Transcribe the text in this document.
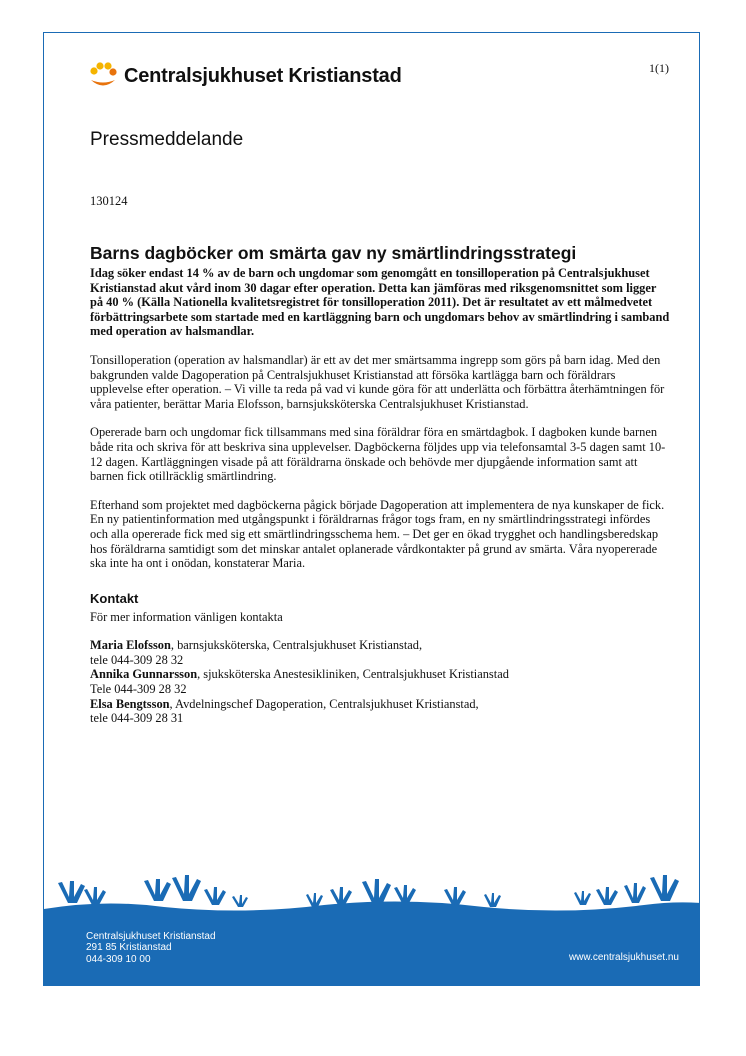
Centralsjukhuset Kristianstad	1(1)
Pressmeddelande
130124
Barns dagböcker om smärta gav ny smärtlindringsstrategi

Idag söker endast 14 % av de barn och ungdomar som genomgått en tonsilloperation på Centralsjukhuset Kristianstad akut vård inom 30 dagar efter operation. Detta kan jämföras med riksgenomsnittet som ligger på 40 % (Källa Nationella kvalitetsregistret för tonsilloperation 2011). Det är resultatet av ett målmedvetet förbättringsarbete som startade med en kartläggning barn och ungdomars behov av smärtlindring i samband med operation av halsmandlar.

Tonsilloperation (operation av halsmandlar) är ett av det mer smärtsamma ingrepp som görs på barn idag. Med den bakgrunden valde Dagoperation på Centralsjukhuset Kristianstad att försöka kartlägga barn och föräldrars upplevelse efter operation. – Vi ville ta reda på vad vi kunde göra för att underlätta och förbättra återhämtningen för våra patienter, berättar Maria Elofsson, barnsjuksköterska Centralsjukhuset Kristianstad.

Opererade barn och ungdomar fick tillsammans med sina föräldrar föra en smärtdagbok. I dagboken kunde barnen både rita och skriva för att beskriva sina upplevelser. Dagböckerna följdes upp via telefonsamtal 3-5 dagen samt 10-12 dagen. Kartläggningen visade på att föräldrarna önskade och behövde mer djupgående information samt att barnen fick otillräcklig smärtlindring.

Efterhand som projektet med dagböckerna pågick började Dagoperation att implementera de nya kunskaper de fick. En ny patientinformation med utgångspunkt i föräldrarnas frågor togs fram, en ny smärtlindringsstrategi infördes och alla opererade fick med sig ett smärtlindringsschema hem. – Det ger en ökad trygghet och handlingsberedskap hos föräldrarna samtidigt som det minskar antalet oplanerade vårdkontakter på grund av smärta. Våra nyopererade ska inte ha ont i onödan, konstaterar Maria.

Kontakt

För mer information vänligen kontakta

Maria Elofsson, barnsjuksköterska, Centralsjukhuset Kristianstad,
tele 044-309 28 32
Annika Gunnarsson, sjuksköterska Anestesikliniken, Centralsjukhuset Kristianstad
Tele 044-309 28 32
Elsa Bengtsson, Avdelningschef Dagoperation, Centralsjukhuset Kristianstad,
tele 044-309 28 31
Centralsjukhuset Kristianstad
291 85 Kristianstad
044-309 10 00	www.centralsjukhuset.nu
